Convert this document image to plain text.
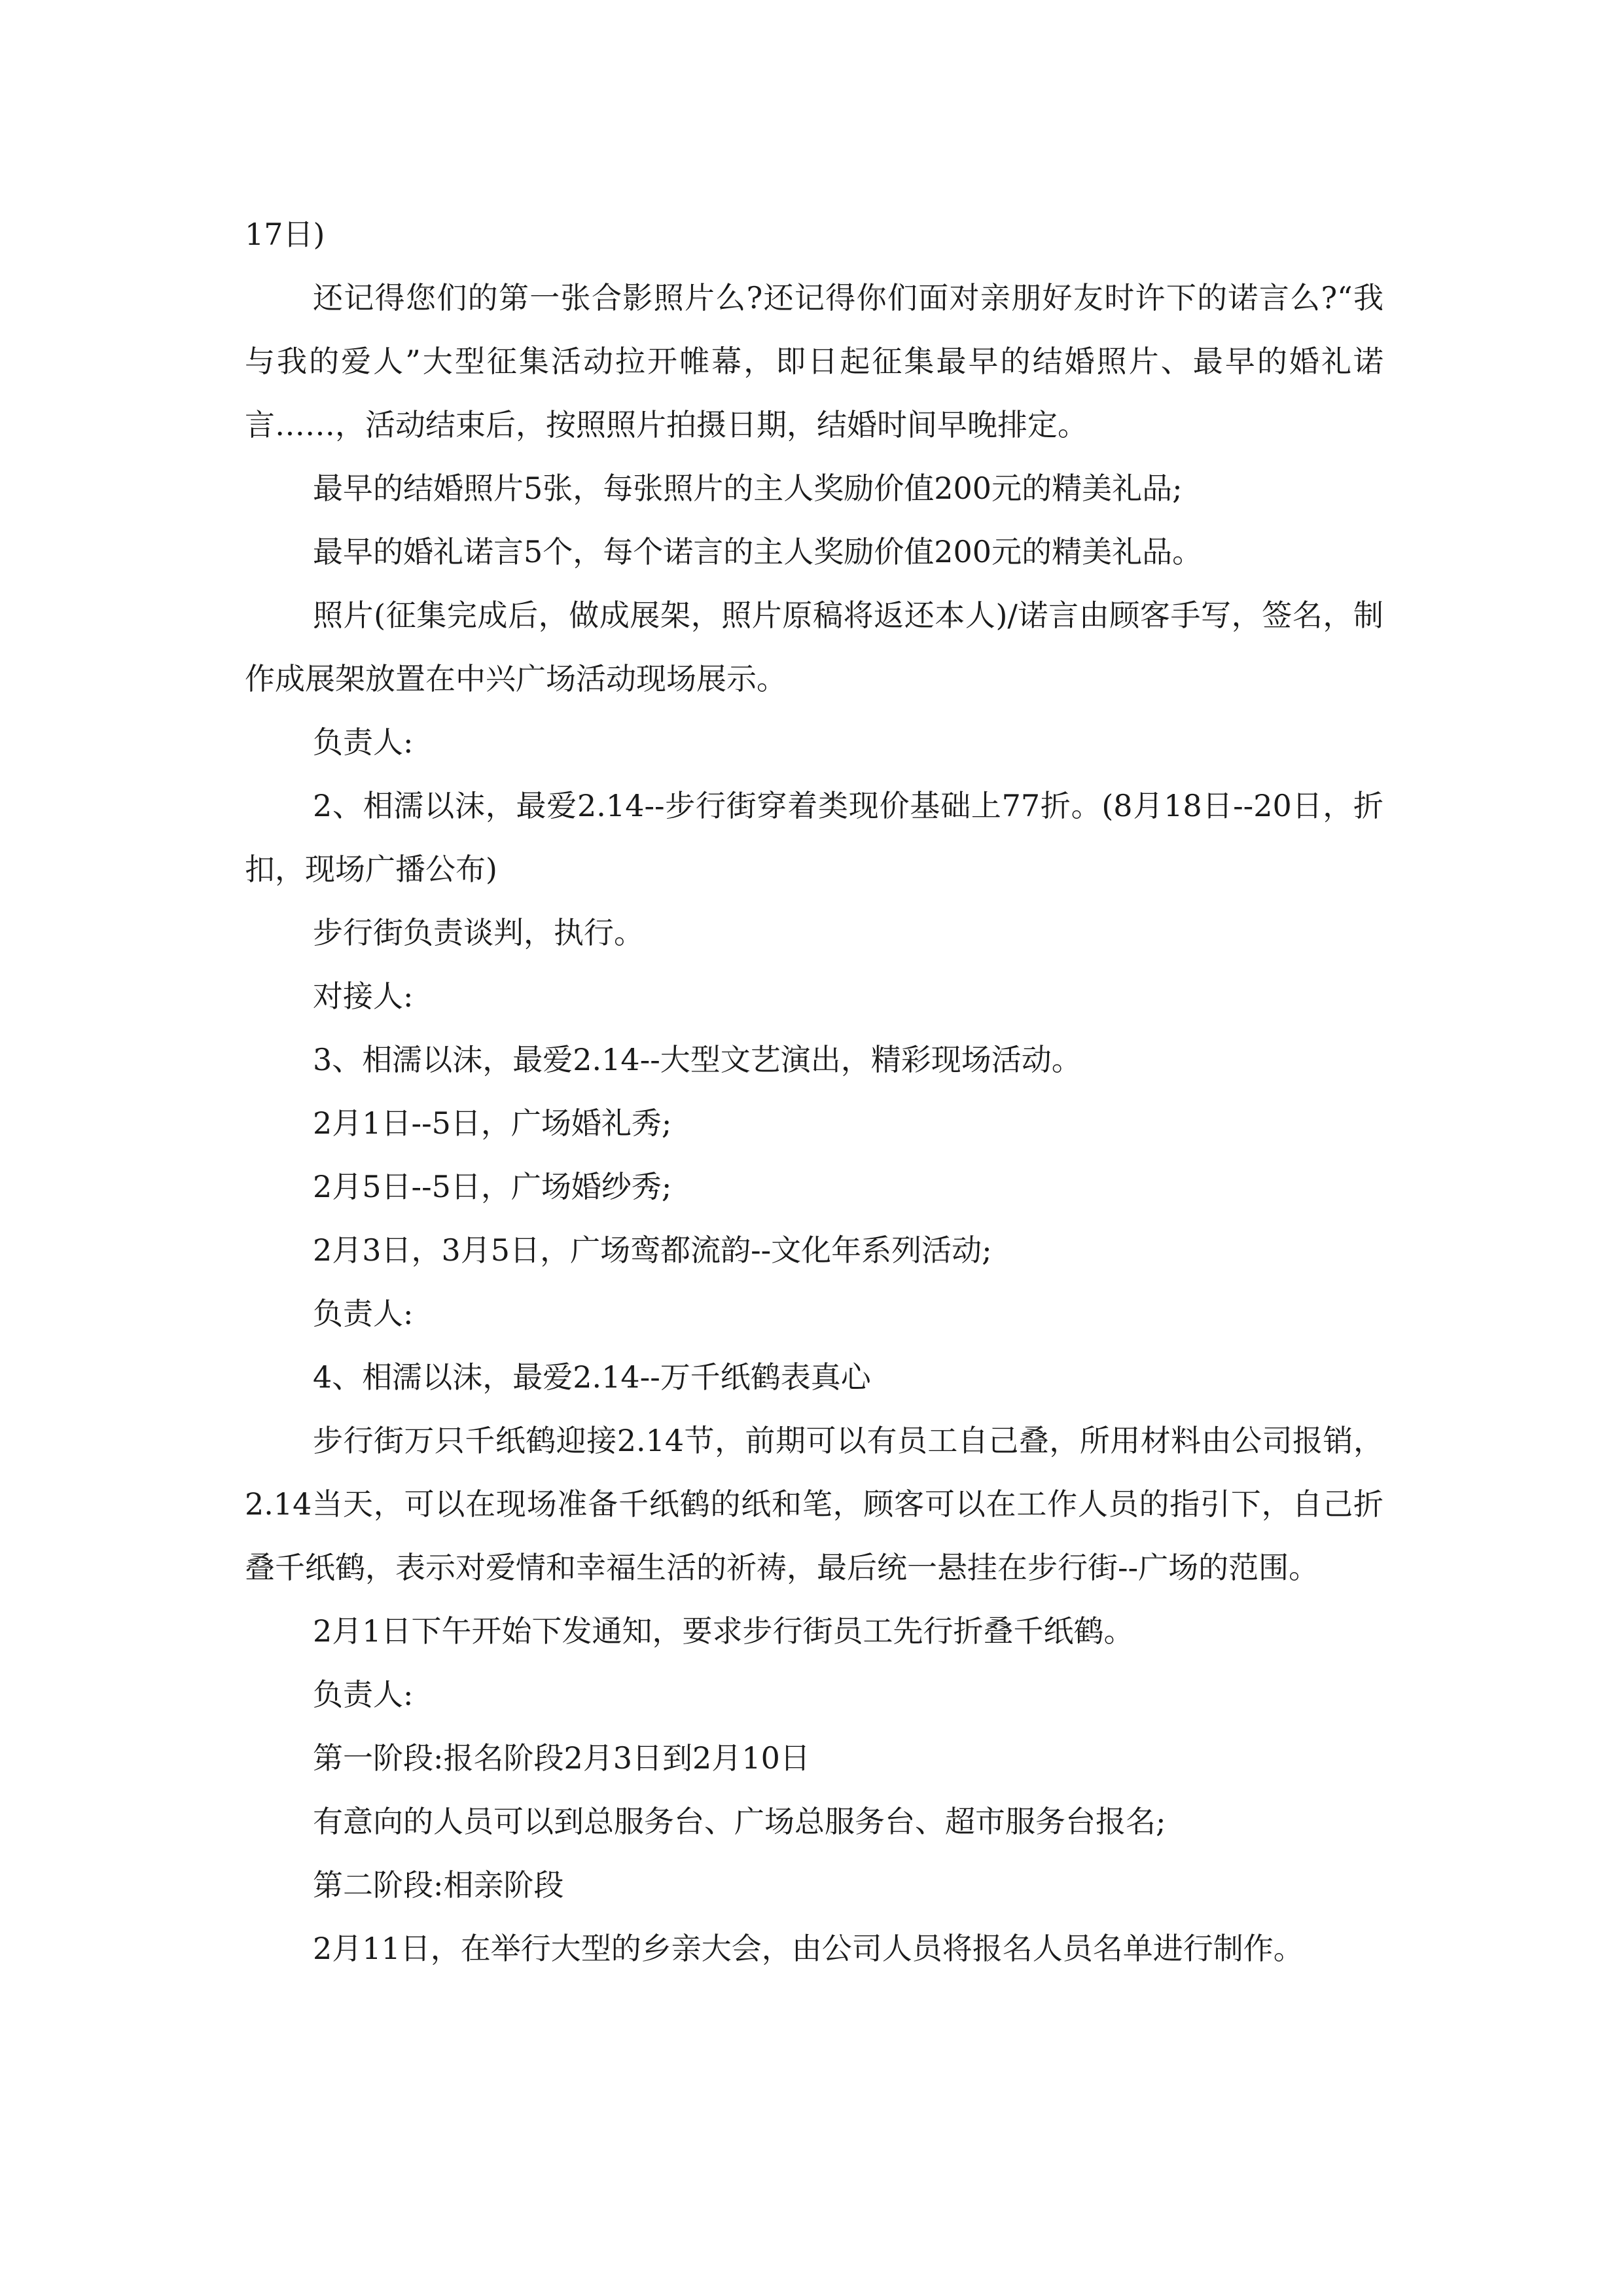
17日)

还记得您们的第一张合影照片么?还记得你们面对亲朋好友时许下的诺言么?“我与我的爱人”大型征集活动拉开帷幕，即日起征集最早的结婚照片、最早的婚礼诺言……，活动结束后，按照照片拍摄日期，结婚时间早晚排定。

最早的结婚照片5张，每张照片的主人奖励价值200元的精美礼品;

最早的婚礼诺言5个，每个诺言的主人奖励价值200元的精美礼品。

照片(征集完成后，做成展架，照片原稿将返还本人)/诺言由顾客手写，签名，制作成展架放置在中兴广场活动现场展示。

负责人:

2、相濡以沫，最爱2.14--步行街穿着类现价基础上77折。(8月18日--20日，折扣，现场广播公布)

步行街负责谈判，执行。

对接人:

3、相濡以沫，最爱2.14--大型文艺演出，精彩现场活动。

2月1日--5日，广场婚礼秀;

2月5日--5日，广场婚纱秀;

2月3日，3月5日，广场鸾都流韵--文化年系列活动;

负责人:

4、相濡以沫，最爱2.14--万千纸鹤表真心

步行街万只千纸鹤迎接2.14节，前期可以有员工自己叠，所用材料由公司报销，2.14当天，可以在现场准备千纸鹤的纸和笔，顾客可以在工作人员的指引下，自己折叠千纸鹤，表示对爱情和幸福生活的祈祷，最后统一悬挂在步行街--广场的范围。

2月1日下午开始下发通知，要求步行街员工先行折叠千纸鹤。

负责人:

第一阶段:报名阶段2月3日到2月10日

有意向的人员可以到总服务台、广场总服务台、超市服务台报名;

第二阶段:相亲阶段

2月11日，在举行大型的乡亲大会，由公司人员将报名人员名单进行制作。
